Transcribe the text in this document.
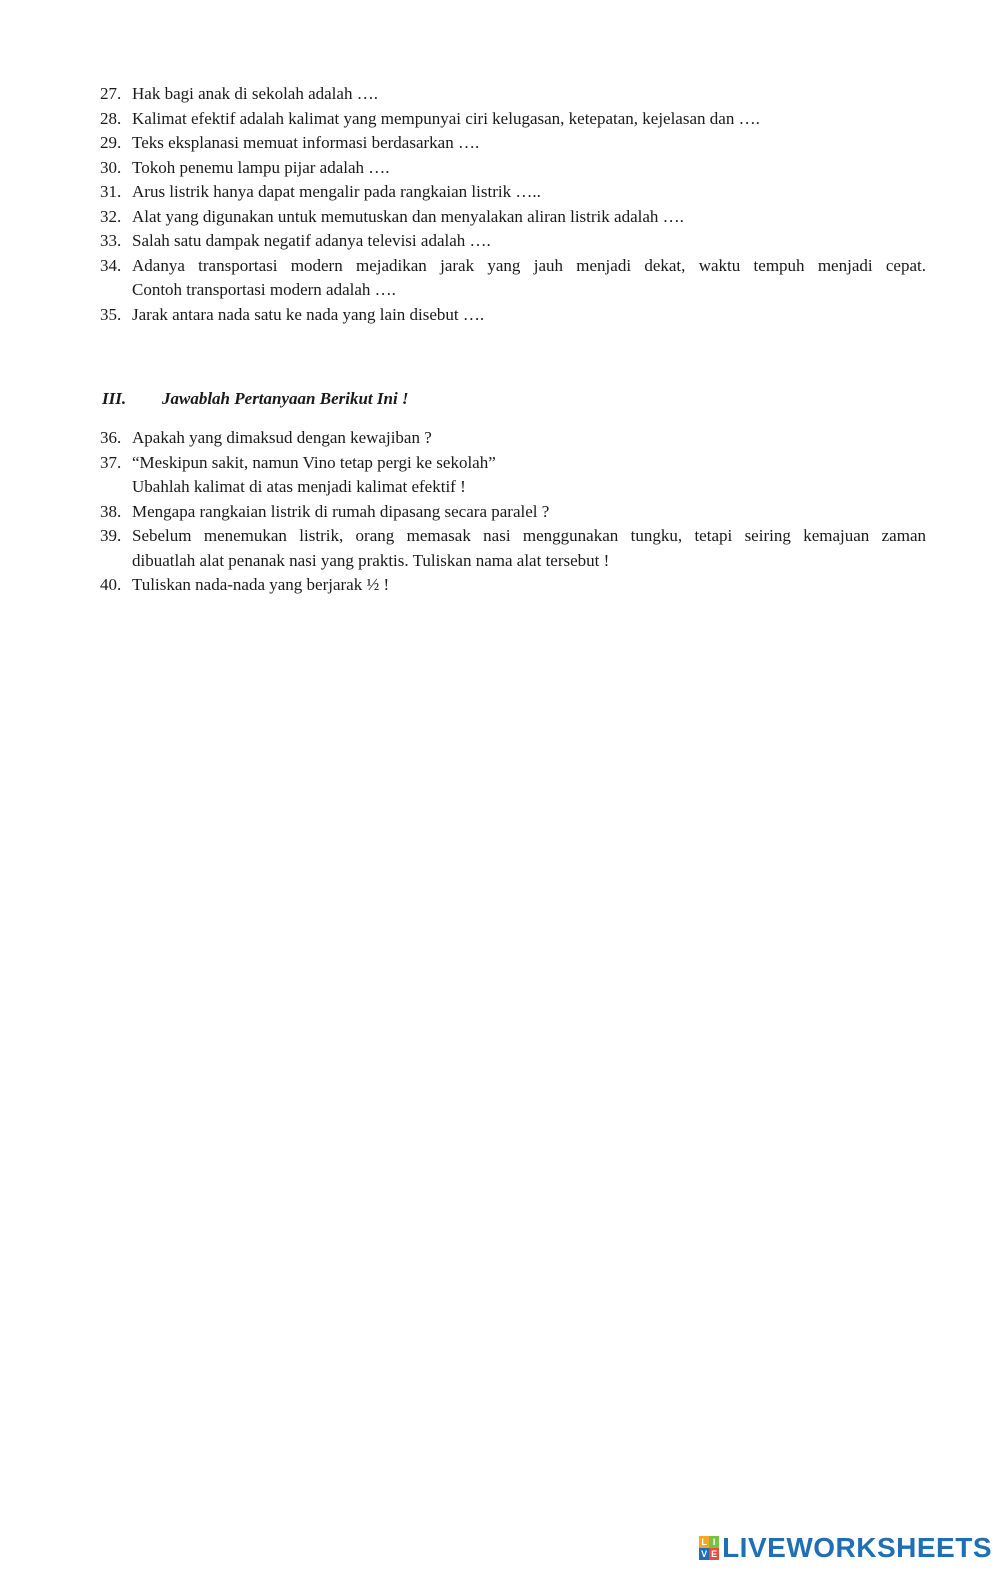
27. Hak bagi anak di sekolah adalah ….
28. Kalimat efektif adalah kalimat yang mempunyai ciri kelugasan, ketepatan, kejelasan dan ….
29. Teks eksplanasi memuat informasi berdasarkan ….
30. Tokoh penemu lampu pijar adalah ….
31. Arus listrik hanya dapat mengalir pada rangkaian listrik …..
32. Alat yang digunakan untuk memutuskan dan menyalakan aliran listrik adalah ….
33. Salah satu dampak negatif adanya televisi adalah ….
34. Adanya transportasi modern mejadikan jarak yang jauh menjadi dekat, waktu tempuh menjadi cepat.
Contoh transportasi modern adalah ….
35. Jarak antara nada satu ke nada yang lain disebut ….
III.	Jawablah Pertanyaan Berikut Ini !
36. Apakah yang dimaksud dengan kewajiban ?
37. “Meskipun sakit, namun Vino tetap pergi ke sekolah”
Ubahlah kalimat di atas menjadi kalimat efektif !
38. Mengapa rangkaian listrik di rumah dipasang secara paralel ?
39. Sebelum menemukan listrik, orang memasak nasi menggunakan tungku, tetapi seiring kemajuan zaman
dibuatlah alat penanak nasi yang praktis. Tuliskan nama alat tersebut !
40. Tuliskan nada-nada yang berjarak ½ !
L I
V E LIVEWORKSHEETS
